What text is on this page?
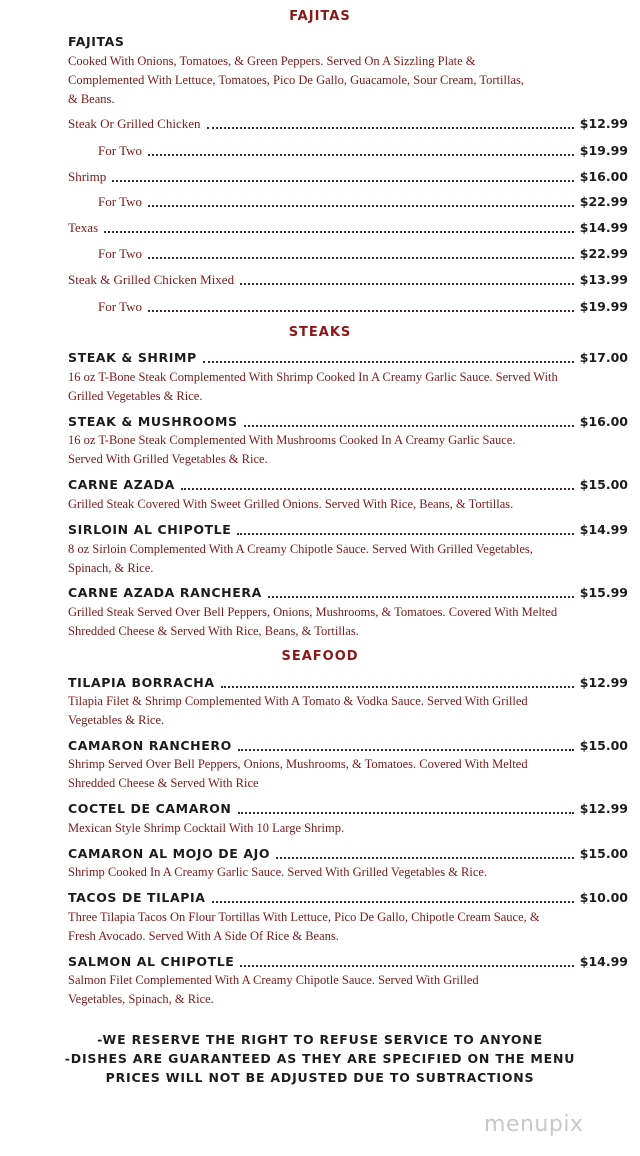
FAJITAS
FAJITAS
Cooked With Onions, Tomatoes, & Green Peppers. Served On A Sizzling Plate & Complemented With Lettuce, Tomatoes, Pico De Gallo, Guacamole, Sour Cream, Tortillas, & Beans.
Steak Or Grilled Chicken	$12.99
For Two	$19.99
Shrimp	$16.00
For Two	$22.99
Texas	$14.99
For Two	$22.99
Steak & Grilled Chicken Mixed	$13.99
For Two	$19.99
STEAKS
STEAK & SHRIMP	$17.00
16 oz T-Bone Steak Complemented With Shrimp Cooked In A Creamy Garlic Sauce. Served With Grilled Vegetables & Rice.
STEAK & MUSHROOMS	$16.00
16 oz T-Bone Steak Complemented With Mushrooms Cooked In A Creamy Garlic Sauce. Served With Grilled Vegetables & Rice.
CARNE AZADA	$15.00
Grilled Steak Covered With Sweet Grilled Onions. Served With Rice, Beans, & Tortillas.
SIRLOIN AL CHIPOTLE	$14.99
8 oz Sirloin Complemented With A Creamy Chipotle Sauce. Served With Grilled Vegetables, Spinach, & Rice.
CARNE AZADA RANCHERA	$15.99
Grilled Steak Served Over Bell Peppers, Onions, Mushrooms, & Tomatoes. Covered With Melted Shredded Cheese & Served With Rice, Beans, & Tortillas.
SEAFOOD
TILAPIA BORRACHA	$12.99
Tilapia Filet & Shrimp Complemented With A Tomato & Vodka Sauce. Served With Grilled Vegetables & Rice.
CAMARON RANCHERO	$15.00
Shrimp Served Over Bell Peppers, Onions, Mushrooms, & Tomatoes. Covered With Melted Shredded Cheese & Served With Rice
COCTEL DE CAMARON	$12.99
Mexican Style Shrimp Cocktail With 10 Large Shrimp.
CAMARON AL MOJO DE AJO	$15.00
Shrimp Cooked In A Creamy Garlic Sauce. Served With Grilled Vegetables & Rice.
TACOS DE TILAPIA	$10.00
Three Tilapia Tacos On Flour Tortillas With Lettuce, Pico De Gallo, Chipotle Cream Sauce, & Fresh Avocado. Served With A Side Of Rice & Beans.
SALMON AL CHIPOTLE	$14.99
Salmon Filet Complemented With A Creamy Chipotle Sauce. Served With Grilled Vegetables, Spinach, & Rice.
-WE RESERVE THE RIGHT TO REFUSE SERVICE TO ANYONE
-DISHES ARE GUARANTEED AS THEY ARE SPECIFIED ON THE MENU
PRICES WILL NOT BE ADJUSTED DUE TO SUBTRACTIONS
menupix
